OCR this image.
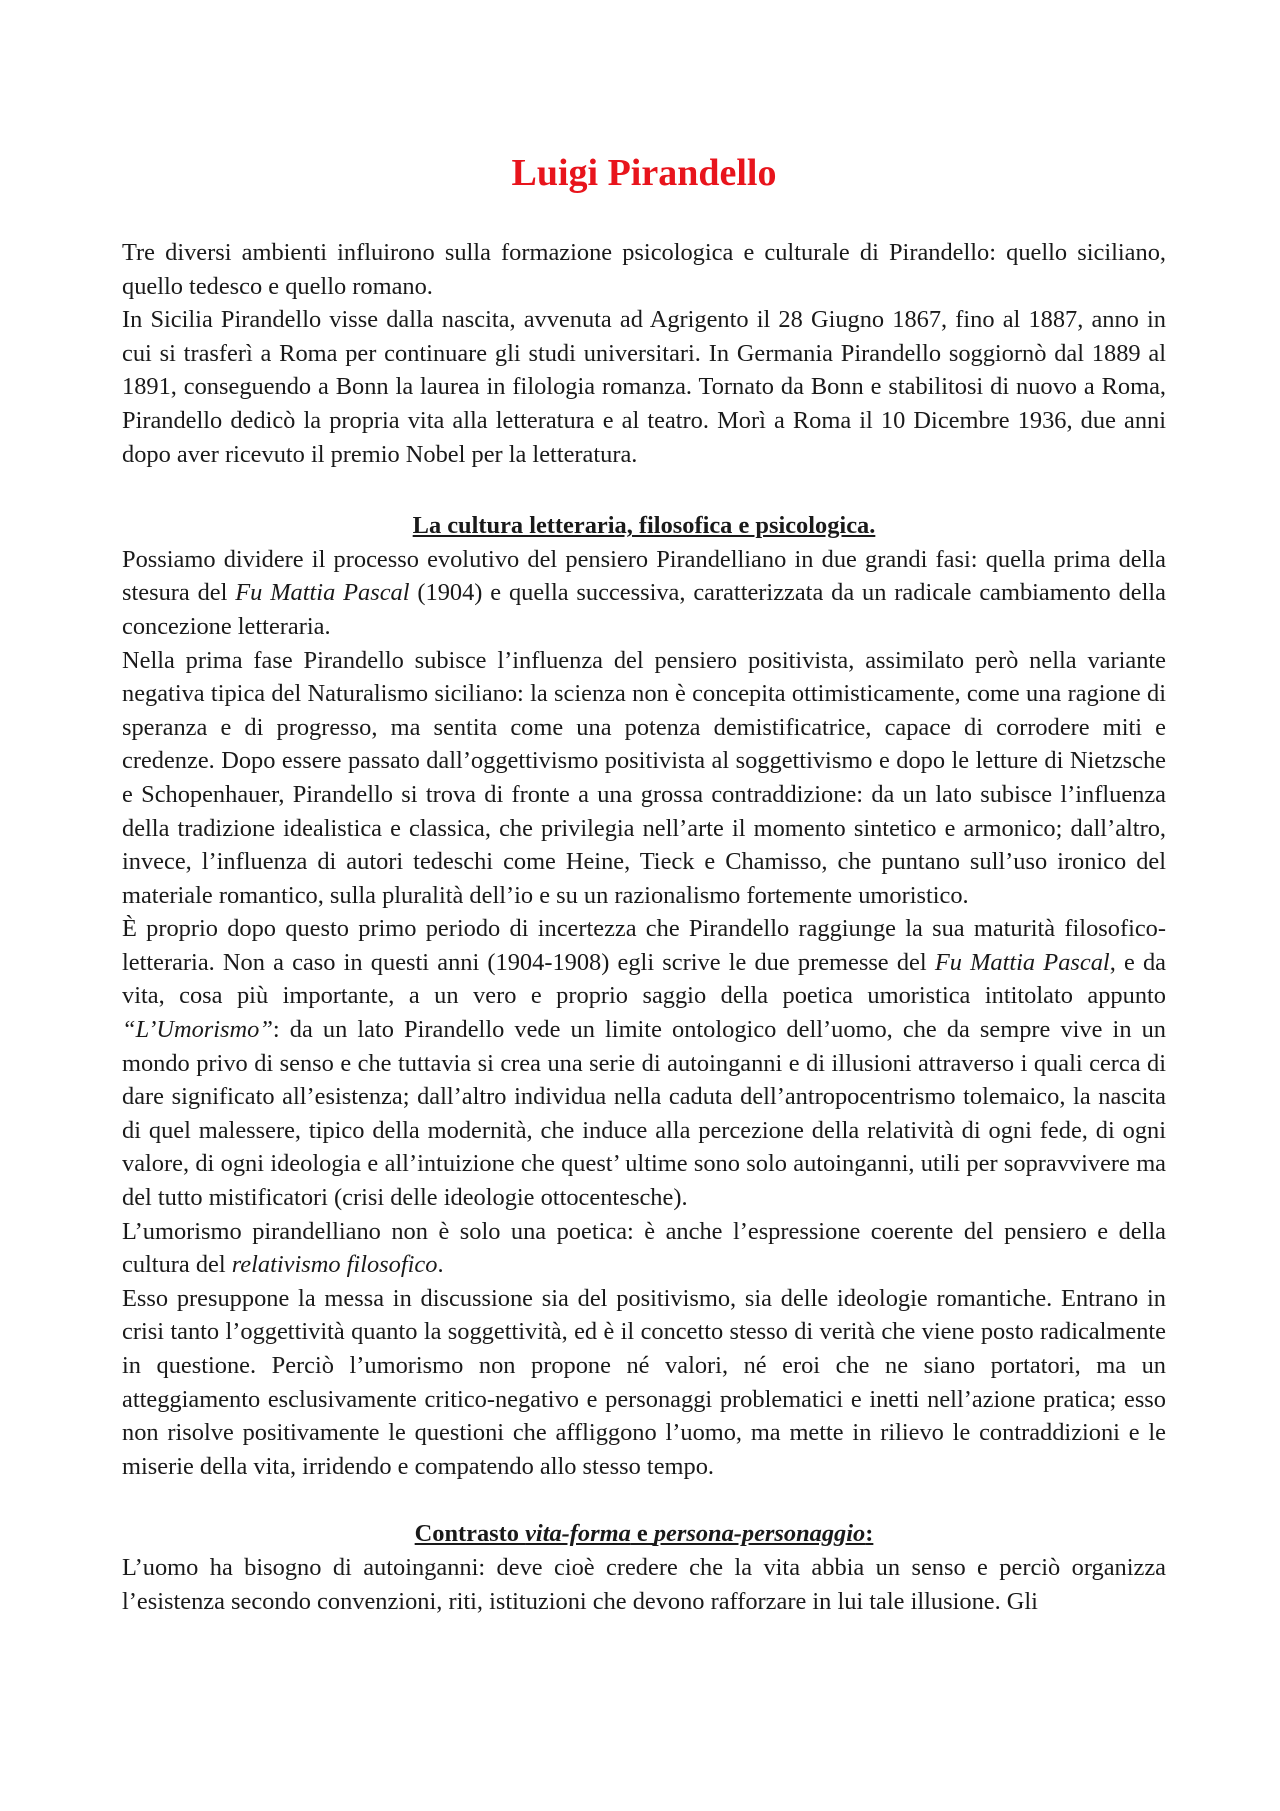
Luigi Pirandello

Tre diversi ambienti influirono sulla formazione psicologica e culturale di Pirandello: quello siciliano, quello tedesco e quello romano.

In Sicilia Pirandello visse dalla nascita, avvenuta ad Agrigento il 28 Giugno 1867, fino al 1887, anno in cui si trasferì a Roma per continuare gli studi universitari. In Germania Pirandello soggiornò dal 1889 al 1891, conseguendo a Bonn la laurea in filologia romanza. Tornato da Bonn e stabilitosi di nuovo a Roma, Pirandello dedicò la propria vita alla letteratura e al teatro. Morì a Roma il 10 Dicembre 1936, due anni dopo aver ricevuto il premio Nobel per la letteratura.

La cultura letteraria, filosofica e psicologica.

Possiamo dividere il processo evolutivo del pensiero Pirandelliano in due grandi fasi: quella prima della stesura del Fu Mattia Pascal (1904) e quella successiva, caratterizzata da un radicale cambiamento della concezione letteraria.

Nella prima fase Pirandello subisce l’influenza del pensiero positivista, assimilato però nella variante negativa tipica del Naturalismo siciliano: la scienza non è concepita ottimisticamente, come una ragione di speranza e di progresso, ma sentita come una potenza demistificatrice, capace di corrodere miti e credenze. Dopo essere passato dall’oggettivismo positivista al soggettivismo e dopo le letture di Nietzsche e Schopenhauer, Pirandello si trova di fronte a una grossa contraddizione: da un lato subisce l’influenza della tradizione idealistica e classica, che privilegia nell’arte il momento sintetico e armonico; dall’altro, invece, l’influenza di autori tedeschi come Heine, Tieck e Chamisso, che puntano sull’uso ironico del materiale romantico, sulla pluralità dell’io e su un razionalismo fortemente umoristico.

È proprio dopo questo primo periodo di incertezza che Pirandello raggiunge la sua maturità filosofico-letteraria. Non a caso in questi anni (1904-1908) egli scrive le due premesse del Fu Mattia Pascal, e da vita, cosa più importante, a un vero e proprio saggio della poetica umoristica intitolato appunto “L’Umorismo”: da un lato Pirandello vede un limite ontologico dell’uomo, che da sempre vive in un mondo privo di senso e che tuttavia si crea una serie di autoinganni e di illusioni attraverso i quali cerca di dare significato all’esistenza; dall’altro individua nella caduta dell’antropocentrismo tolemaico, la nascita di quel malessere, tipico della modernità, che induce alla percezione della relatività di ogni fede, di ogni valore, di ogni ideologia e all’intuizione che quest’ ultime sono solo autoinganni, utili per sopravvivere ma del tutto mistificatori (crisi delle ideologie ottocentesche).

L’umorismo pirandelliano non è solo una poetica: è anche l’espressione coerente del pensiero e della cultura del relativismo filosofico.

Esso presuppone la messa in discussione sia del positivismo, sia delle ideologie romantiche. Entrano in crisi tanto l’oggettività quanto la soggettività, ed è il concetto stesso di verità che viene posto radicalmente in questione. Perciò l’umorismo non propone né valori, né eroi che ne siano portatori, ma un atteggiamento esclusivamente critico-negativo e personaggi problematici e inetti nell’azione pratica; esso non risolve positivamente le questioni che affliggono l’uomo, ma mette in rilievo le contraddizioni e le miserie della vita, irridendo e compatendo allo stesso tempo.

Contrasto vita-forma e persona-personaggio:

L’uomo ha bisogno di autoinganni: deve cioè credere che la vita abbia un senso e perciò organizza l’esistenza secondo convenzioni, riti, istituzioni che devono rafforzare in lui tale illusione. Gli
